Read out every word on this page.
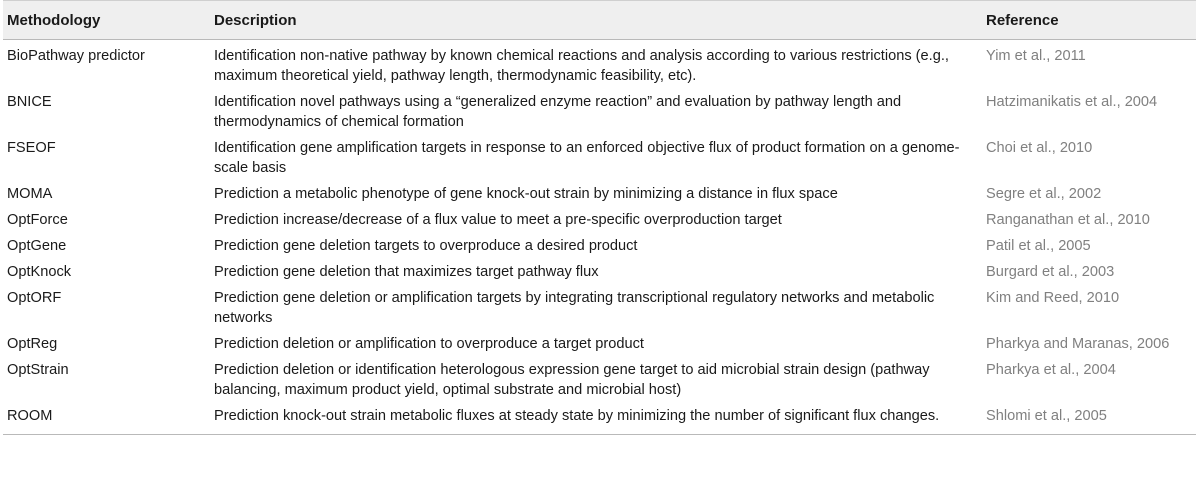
Methodology	Description	Reference
BioPathway predictor	Identification non-native pathway by known chemical reactions and analysis according to various restrictions (e.g., maximum theoretical yield, pathway length, thermodynamic feasibility, etc).	Yim et al., 2011
BNICE	Identification novel pathways using a “generalized enzyme reaction” and evaluation by pathway length and thermodynamics of chemical formation	Hatzimanikatis et al., 2004
FSEOF	Identification gene amplification targets in response to an enforced objective flux of product formation on a genome-scale basis	Choi et al., 2010
MOMA	Prediction a metabolic phenotype of gene knock-out strain by minimizing a distance in flux space	Segre et al., 2002
OptForce	Prediction increase/decrease of a flux value to meet a pre-specific overproduction target	Ranganathan et al., 2010
OptGene	Prediction gene deletion targets to overproduce a desired product	Patil et al., 2005
OptKnock	Prediction gene deletion that maximizes target pathway flux	Burgard et al., 2003
OptORF	Prediction gene deletion or amplification targets by integrating transcriptional regulatory networks and metabolic networks	Kim and Reed, 2010
OptReg	Prediction deletion or amplification to overproduce a target product	Pharkya and Maranas, 2006
OptStrain	Prediction deletion or identification heterologous expression gene target to aid microbial strain design (pathway balancing, maximum product yield, optimal substrate and microbial host)	Pharkya et al., 2004
ROOM	Prediction knock-out strain metabolic fluxes at steady state by minimizing the number of significant flux changes.	Shlomi et al., 2005
